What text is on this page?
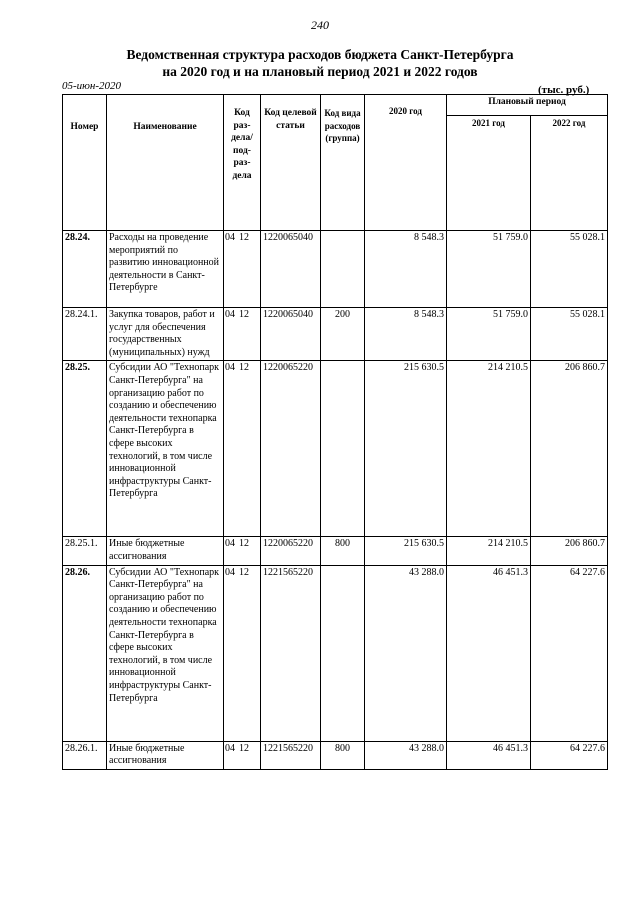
240
Ведомственная структура расходов бюджета Санкт-Петербурга
на 2020 год и на плановый период 2021 и 2022 годов
05-июн-2020	(тыс. руб.)
Номер	Наименование	Код раз-дела/ под-раз-дела	Код целевой статьи	Код вида расходов (группа)	2020 год	Плановый период	
						2021 год	2022 год
28.24.	Расходы на проведение мероприятий по развитию инновационной деятельности в Санкт-Петербурге	04 12	1220065040		8 548.3	51 759.0	55 028.1
28.24.1.	Закупка товаров, работ и услуг для обеспечения государственных (муниципальных) нужд	04 12	1220065040	200	8 548.3	51 759.0	55 028.1
28.25.	Субсидии АО "Технопарк Санкт-Петербурга" на организацию работ по созданию и обеспечению деятельности технопарка Санкт-Петербурга в сфере высоких технологий, в том числе инновационной инфраструктуры Санкт-Петербурга	04 12	1220065220		215 630.5	214 210.5	206 860.7
28.25.1.	Иные бюджетные ассигнования	04 12	1220065220	800	215 630.5	214 210.5	206 860.7
28.26.	Субсидии АО "Технопарк Санкт-Петербурга" на организацию работ по созданию и обеспечению деятельности технопарка Санкт-Петербурга в сфере высоких технологий, в том числе инновационной инфраструктуры Санкт-Петербурга	04 12	1221565220		43 288.0	46 451.3	64 227.6
28.26.1.	Иные бюджетные ассигнования	04 12	1221565220	800	43 288.0	46 451.3	64 227.6
